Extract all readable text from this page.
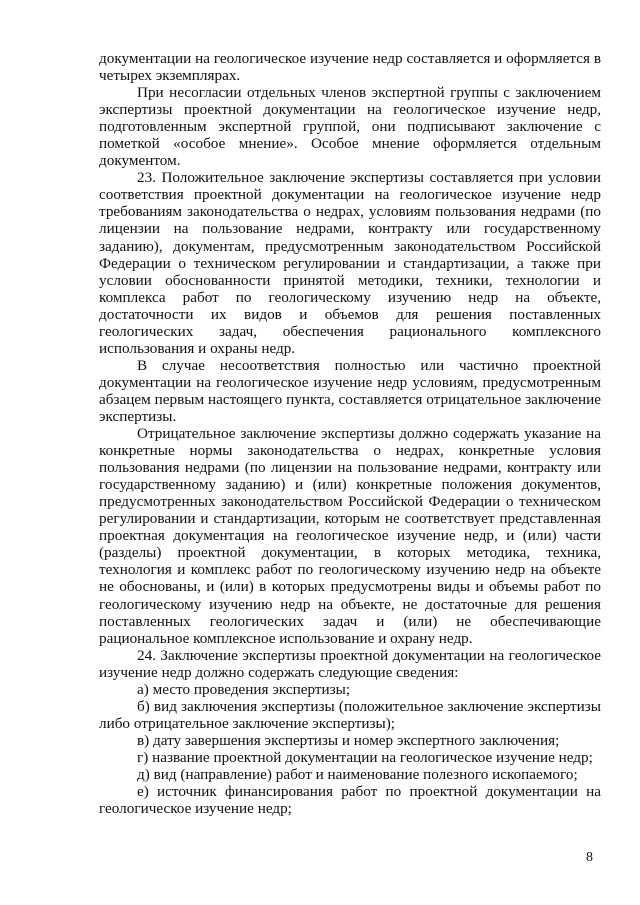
документации на геологическое изучение недр составляется и оформляется в четырех экземплярах.

При несогласии отдельных членов экспертной группы с заключением экспертизы проектной документации на геологическое изучение недр, подготовленным экспертной группой, они подписывают заключение с пометкой «особое мнение». Особое мнение оформляется отдельным документом.

23. Положительное заключение экспертизы составляется при условии соответствия проектной документации на геологическое изучение недр требованиям законодательства о недрах, условиям пользования недрами (по лицензии на пользование недрами, контракту или государственному заданию), документам, предусмотренным законодательством Российской Федерации о техническом регулировании и стандартизации, а также при условии обоснованности принятой методики, техники, технологии и комплекса работ по геологическому изучению недр на объекте, достаточности их видов и объемов для решения поставленных геологических задач, обеспечения рационального комплексного использования и охраны недр.

В случае несоответствия полностью или частично проектной документации на геологическое изучение недр условиям, предусмотренным абзацем первым настоящего пункта, составляется отрицательное заключение экспертизы.

Отрицательное заключение экспертизы должно содержать указание на конкретные нормы законодательства о недрах, конкретные условия пользования недрами (по лицензии на пользование недрами, контракту или государственному заданию) и (или) конкретные положения документов, предусмотренных законодательством Российской Федерации о техническом регулировании и стандартизации, которым не соответствует представленная проектная документация на геологическое изучение недр, и (или) части (разделы) проектной документации, в которых методика, техника, технология и комплекс работ по геологическому изучению недр на объекте не обоснованы, и (или) в которых предусмотрены виды и объемы работ по геологическому изучению недр на объекте, не достаточные для решения поставленных геологических задач и (или) не обеспечивающие рациональное комплексное использование и охрану недр.

24. Заключение экспертизы проектной документации на геологическое изучение недр должно содержать следующие сведения:

а) место проведения экспертизы;

б) вид заключения экспертизы (положительное заключение экспертизы либо отрицательное заключение экспертизы);

в) дату завершения экспертизы и номер экспертного заключения;

г) название проектной документации на геологическое изучение недр;

д) вид (направление) работ и наименование полезного ископаемого;

е) источник финансирования работ по проектной документации на геологическое изучение недр;

8
